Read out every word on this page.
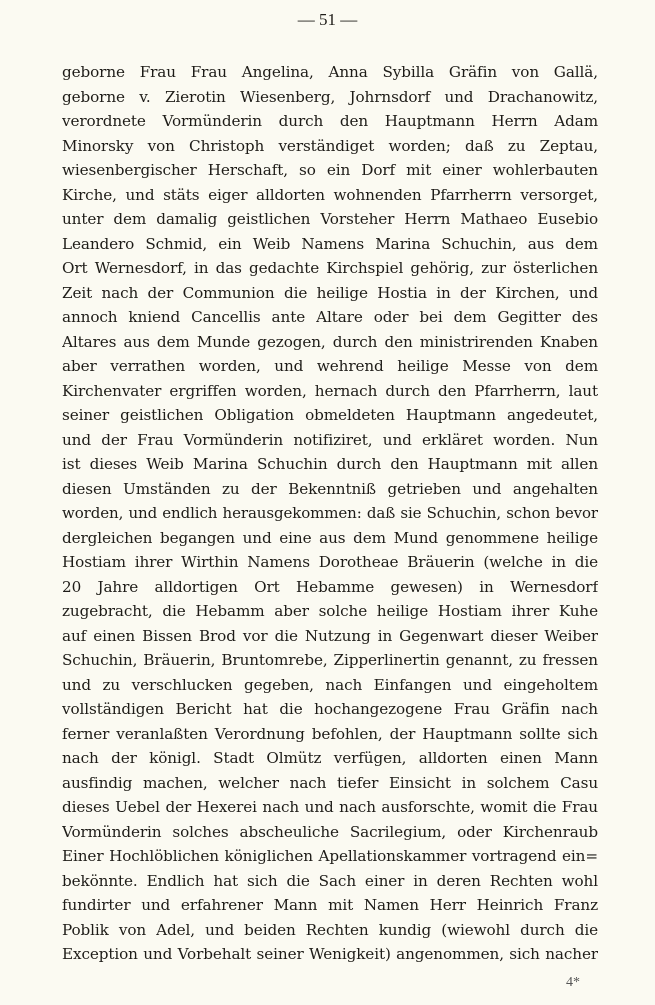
— 51 —
geborne Frau Frau Angelina, Anna Sybilla Gräfin von Gallä,
geborne v. Zierotin Wiesenberg, Johrnsdorf und Drachanowitz,
verordnete Vormünderin durch den Hauptmann Herrn Adam
Minorsky von Christoph verständiget worden; daß zu Zeptau,
wiesenbergischer Herschaft, so ein Dorf mit einer wohlerbauten
Kirche, und stäts eiger alldorten wohnenden Pfarrherrn versorget,
unter dem damalig geistlichen Vorsteher Herrn Mathaeo Eusebio
Leandero Schmid, ein Weib Namens Marina Schuchin, aus dem
Ort Wernesdorf, in das gedachte Kirchspiel gehörig, zur österlichen
Zeit nach der Communion die heilige Hostia in der Kirchen, und
annoch kniend Cancellis ante Altare oder bei dem Gegitter des
Altares aus dem Munde gezogen, durch den ministrirenden Knaben
aber verrathen worden, und wehrend heilige Messe von dem
Kirchenvater ergriffen worden, hernach durch den Pfarrherrn, laut
seiner geistlichen Obligation obmeldeten Hauptmann angedeutet,
und der Frau Vormünderin notifiziret, und erkläret worden. Nun
ist dieses Weib Marina Schuchin durch den Hauptmann mit allen
diesen Umständen zu der Bekenntniß getrieben und angehalten
worden, und endlich herausgekommen: daß sie Schuchin, schon bevor
dergleichen begangen und eine aus dem Mund genommene heilige
Hostiam ihrer Wirthin Namens Dorotheae Bräuerin (welche in die
20 Jahre alldortigen Ort Hebamme gewesen) in Wernesdorf
zugebracht, die Hebamm aber solche heilige Hostiam ihrer Kuhe
auf einen Bissen Brod vor die Nutzung in Gegenwart dieser Weiber
Schuchin, Bräuerin, Bruntomrebe, Zipperlinertin genannt, zu fressen
und zu verschlucken gegeben, nach Einfangen und eingeholtem
vollständigen Bericht hat die hochangezogene Frau Gräfin nach
ferner veranlaßten Verordnung befohlen, der Hauptmann sollte sich
nach der königl. Stadt Olmütz verfügen, alldorten einen Mann
ausfindig machen, welcher nach tiefer Einsicht in solchem Casu
dieses Uebel der Hexerei nach und nach ausforschte, womit die Frau
Vormünderin solches abscheuliche Sacrilegium, oder Kirchenraub
Einer Hochlöblichen königlichen Apellationskammer vortragend ein=
bekönnte. Endlich hat sich die Sach einer in deren Rechten wohl
fundirter und erfahrener Mann mit Namen Herr Heinrich Franz
Poblik von Adel, und beiden Rechten kundig (wiewohl durch die
Exception und Vorbehalt seiner Wenigkeit) angenommen, sich nacher
4*
